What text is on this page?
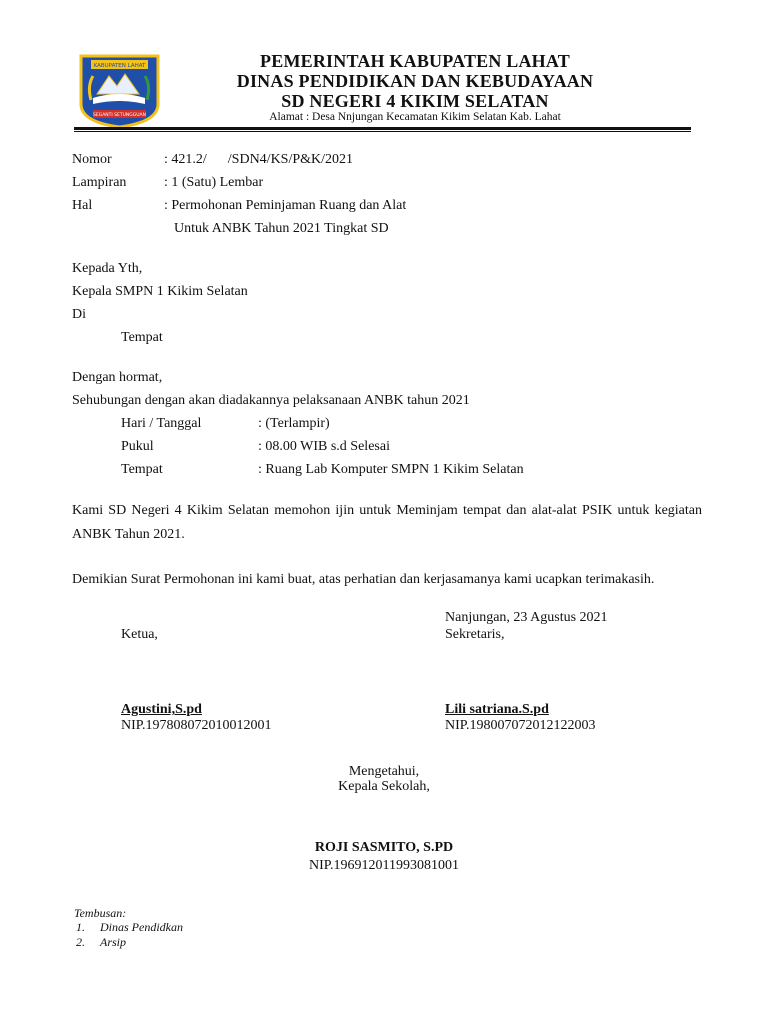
KABUPATEN LAHAT
SEGANTI SETUNGGUAN
PEMERINTAH KABUPATEN LAHAT
DINAS PENDIDIKAN DAN KEBUDAYAAN
SD NEGERI 4 KIKIM SELATAN
Alamat : Desa Nnjungan Kecamatan Kikim Selatan Kab. Lahat
Nomor	: 421.2/      /SDN4/KS/P&K/2021
Lampiran	: 1 (Satu) Lembar
Hal	: Permohonan Peminjaman Ruang dan Alat
Untuk ANBK Tahun 2021 Tingkat SD
Kepada Yth,
Kepala SMPN 1 Kikim Selatan
Di
Tempat
Dengan hormat,
Sehubungan dengan akan diadakannya pelaksanaan ANBK tahun 2021
Hari / Tanggal	: (Terlampir)
Pukul	: 08.00 WIB s.d Selesai
Tempat	: Ruang Lab Komputer SMPN 1 Kikim Selatan
Kami SD Negeri 4 Kikim Selatan memohon ijin untuk Meminjam tempat dan alat-alat PSIK untuk kegiatan ANBK Tahun 2021.
Demikian Surat Permohonan ini kami buat, atas perhatian dan kerjasamanya kami ucapkan terimakasih.
Nanjungan, 23 Agustus 2021
Ketua,	Sekretaris,
Agustini,S.pd
NIP.197808072010012001
Lili satriana.S.pd
NIP.198007072012122003
Mengetahui,
Kepala Sekolah,
ROJI SASMITO, S.PD
NIP.196912011993081001
Tembusan:
1. Dinas Pendidkan
2. Arsip
